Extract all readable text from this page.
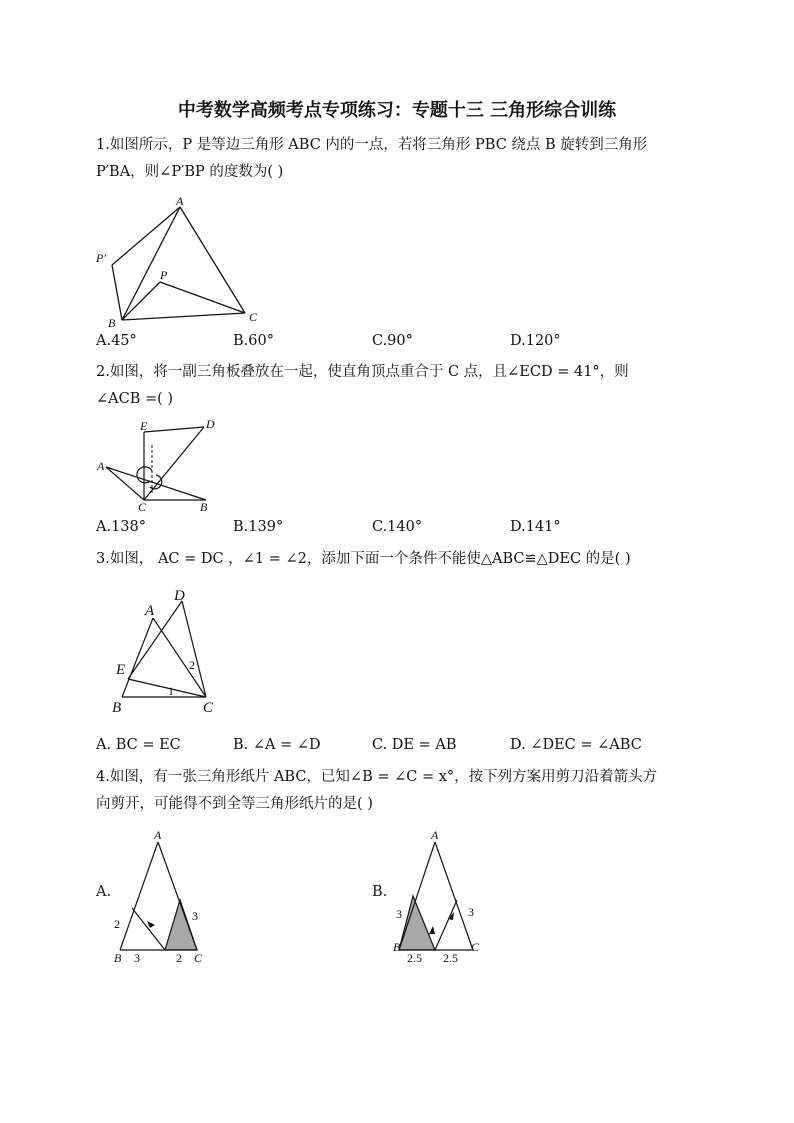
中考数学高频考点专项练习：专题十三 三角形综合训练
1.如图所示，P 是等边三角形 ABC 内的一点，若将三角形 PBC 绕点 B 旋转到三角形
P′BA，则∠P′BP 的度数为( )
A
B	C
P
P′
A.45°	B.60°	C.90°	D.120°
2.如图，将一副三角板叠放在一起，使直角顶点重合于 C 点，且∠ECD = 41°，则
∠ACB =( )
A
B
C
D
E
A.138°	B.139°	C.140°	D.141°
3.如图， AC = DC ，∠1 = ∠2，添加下面一个条件不能使△ABC≌△DEC 的是( )
A
B	C
D
E
1
2
A. BC = EC	B. ∠A = ∠D	C. DE = AB	D. ∠DEC = ∠ABC
4.如图，有一张三角形纸片 ABC，已知∠B = ∠C = x°，按下列方案用剪刀沿着箭头方
向剪开，可能得不到全等三角形纸片的是( )
A.
A
B	C
2
3
3	2
B.
A
B	C
3	3
2.5 2.5
